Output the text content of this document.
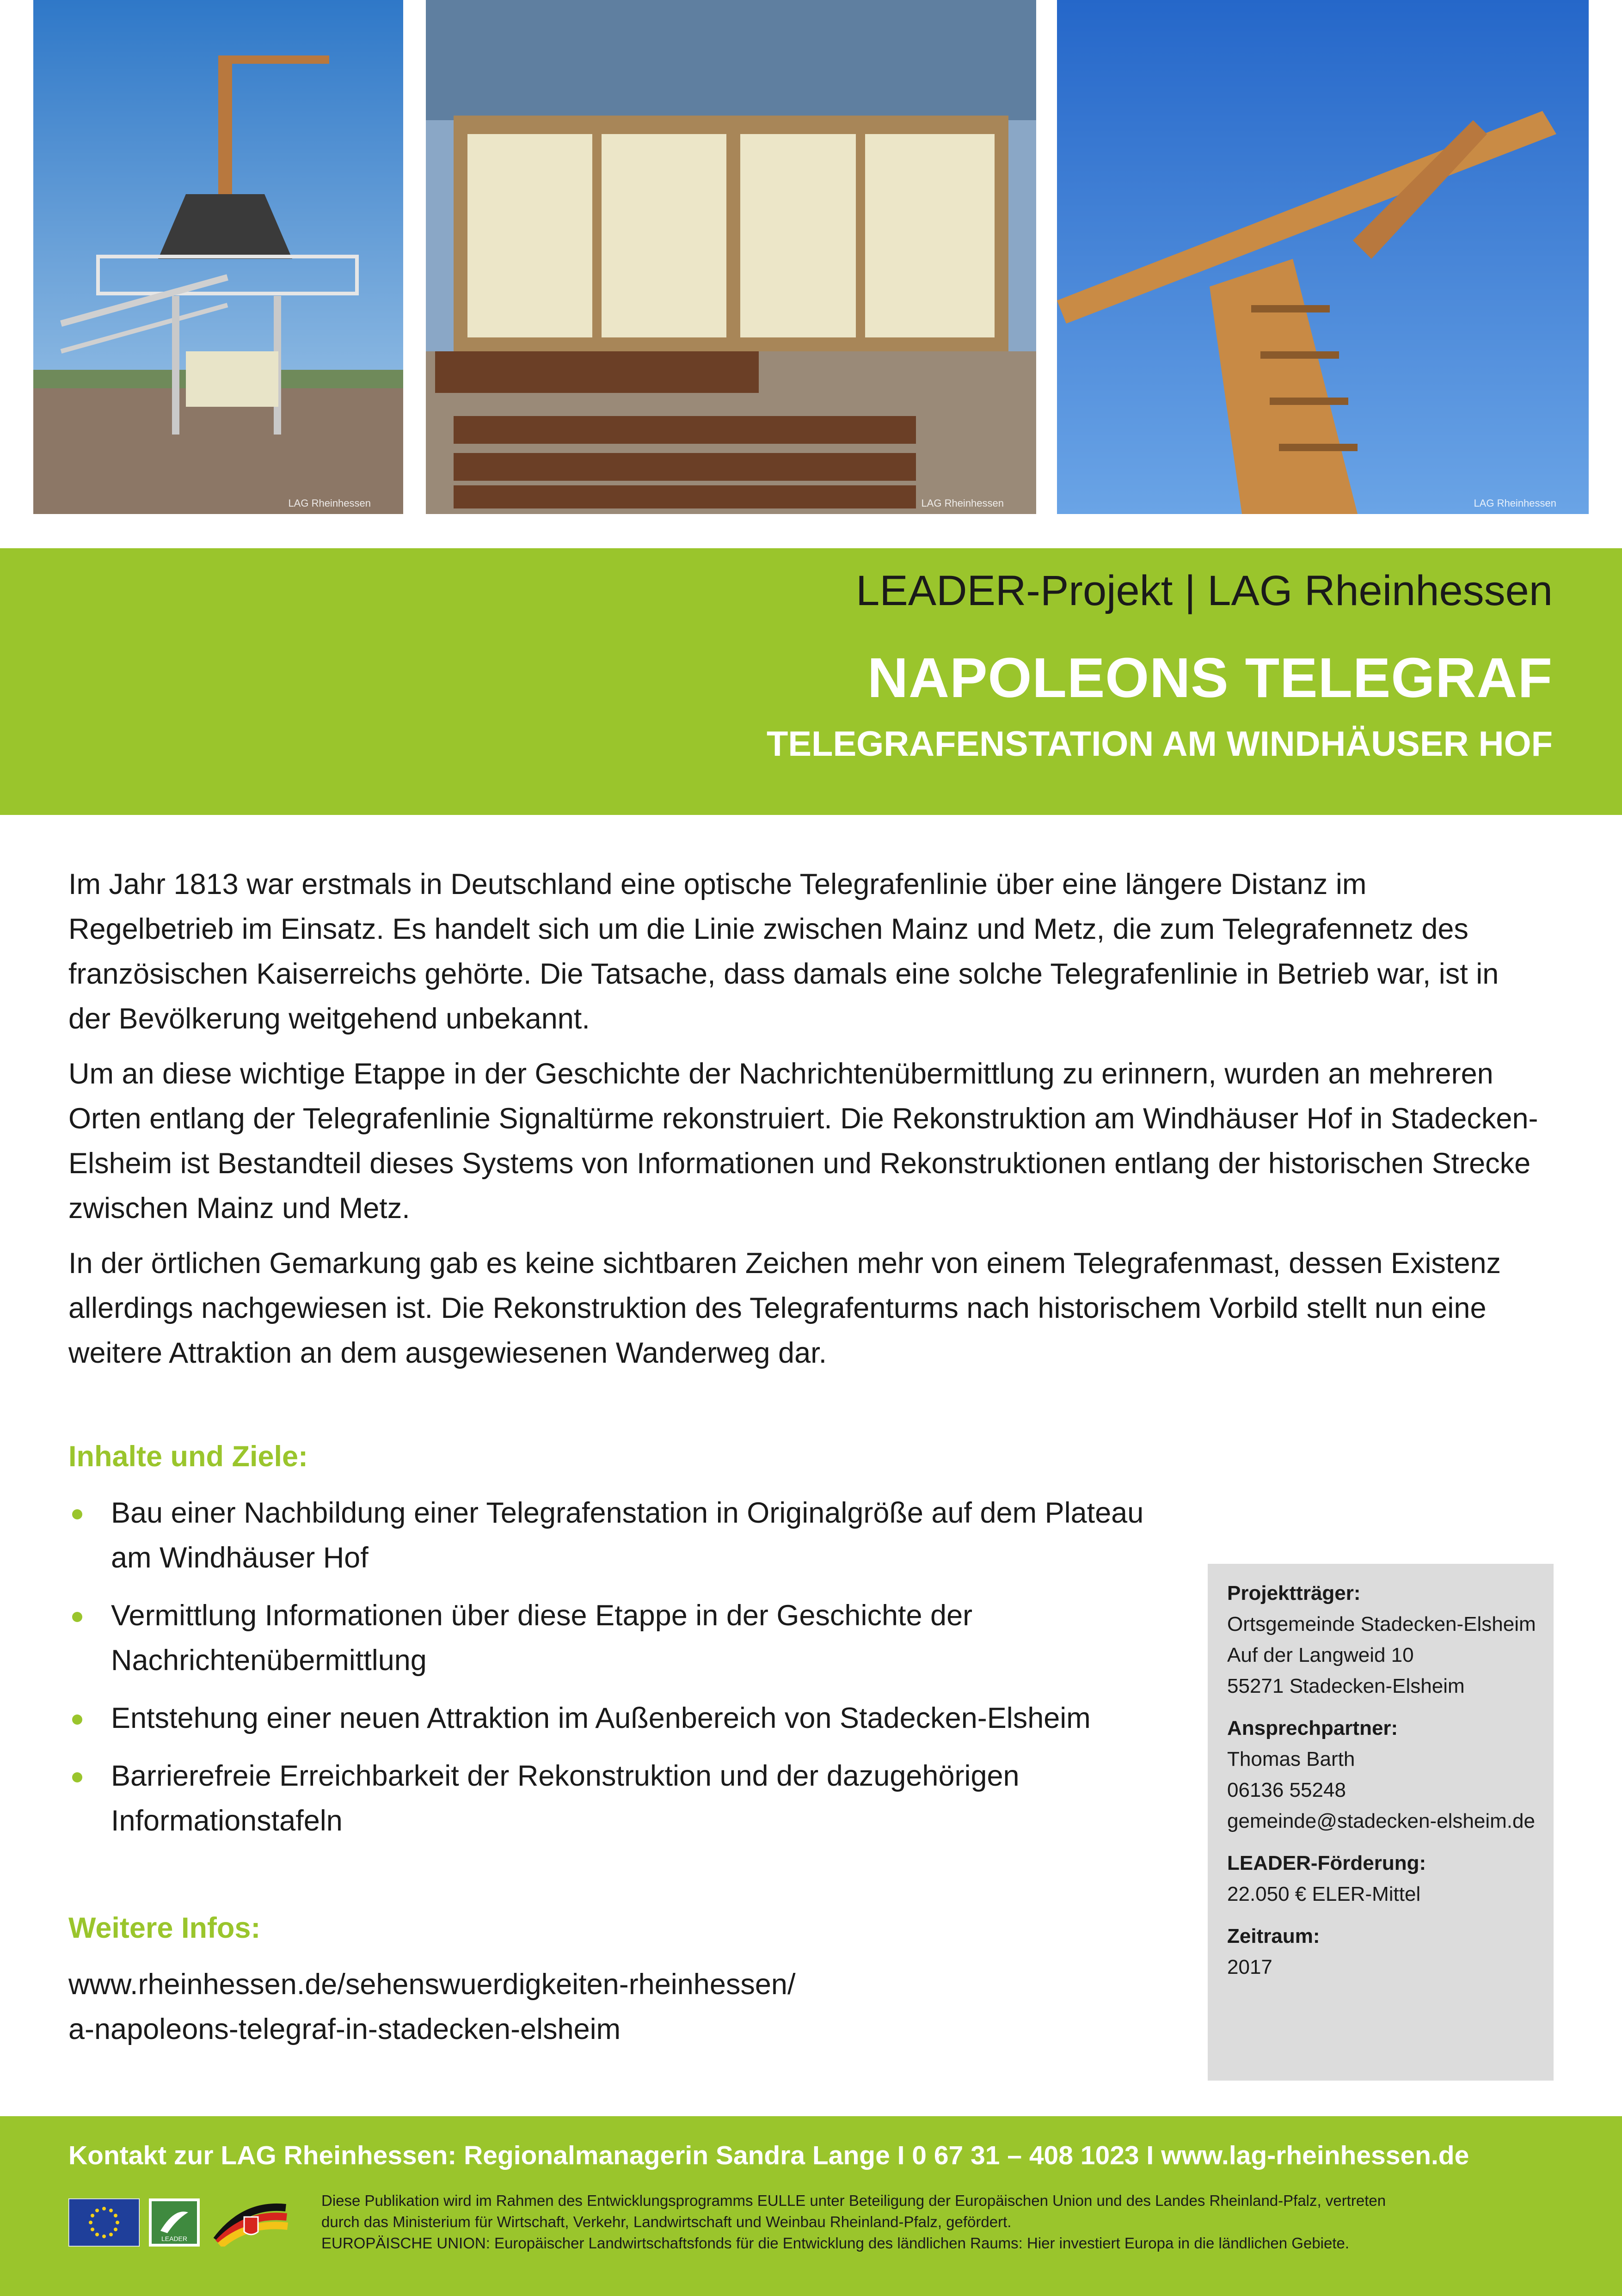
LAG Rheinhessen	LAG Rheinhessen	LAG Rheinhessen
LEADER-Projekt | LAG Rheinhessen
NAPOLEONS TELEGRAF
TELEGRAFENSTATION AM WINDHÄUSER HOF

Im Jahr 1813 war erstmals in Deutschland eine optische Telegrafenlinie über eine längere Distanz im Regelbetrieb im Einsatz. Es handelt sich um die Linie zwischen Mainz und Metz, die zum Telegrafennetz des französischen Kaiserreichs gehörte. Die Tatsache, dass damals eine solche Telegrafenlinie in Betrieb war, ist in der Bevölkerung weitgehend unbekannt.

Um an diese wichtige Etappe in der Geschichte der Nachrichtenübermittlung zu erinnern, wurden an mehreren Orten entlang der Telegrafenlinie Signaltürme rekonstruiert. Die Rekonstruktion am Windhäuser Hof in Stadecken-Elsheim ist Bestandteil dieses Systems von Informationen und Rekonstruktionen entlang der historischen Strecke zwischen Mainz und Metz.

In der örtlichen Gemarkung gab es keine sichtbaren Zeichen mehr von einem Telegrafenmast, dessen Existenz allerdings nachgewiesen ist. Die Rekonstruktion des Telegrafenturms nach historischem Vorbild stellt nun eine weitere Attraktion an dem ausgewiesenen Wanderweg dar.

Inhalte und Ziele:
Bau einer Nachbildung einer Telegrafenstation in Originalgröße auf dem Plateau am Windhäuser Hof
Vermittlung Informationen über diese Etappe in der Geschichte der Nachrichtenübermittlung
Entstehung einer neuen Attraktion im Außenbereich von Stadecken-Elsheim
Barrierefreie Erreichbarkeit der Rekonstruktion und der dazugehörigen Informationstafeln
Weitere Infos:
www.rheinhessen.de/sehenswuerdigkeiten-rheinhessen/
a-napoleons-telegraf-in-stadecken-elsheim
Projektträger:
Ortsgemeinde Stadecken-Elsheim
Auf der Langweid 10
55271 Stadecken-Elsheim
Ansprechpartner:
Thomas Barth
06136 55248
gemeinde@stadecken-elsheim.de
LEADER-Förderung:
22.050 € ELER-Mittel
Zeitraum:
2017
Kontakt zur LAG Rheinhessen: Regionalmanagerin Sandra Lange I 0 67 31 – 408 1023 I www.lag-rheinhessen.de
LEADER
Diese Publikation wird im Rahmen des Entwicklungsprogramms EULLE unter Beteiligung der Europäischen Union und des Landes Rheinland-Pfalz, vertreten
durch das Ministerium für Wirtschaft, Verkehr, Landwirtschaft und Weinbau Rheinland-Pfalz, gefördert.
EUROPÄISCHE UNION: Europäischer Landwirtschaftsfonds für die Entwicklung des ländlichen Raums: Hier investiert Europa in die ländlichen Gebiete.
